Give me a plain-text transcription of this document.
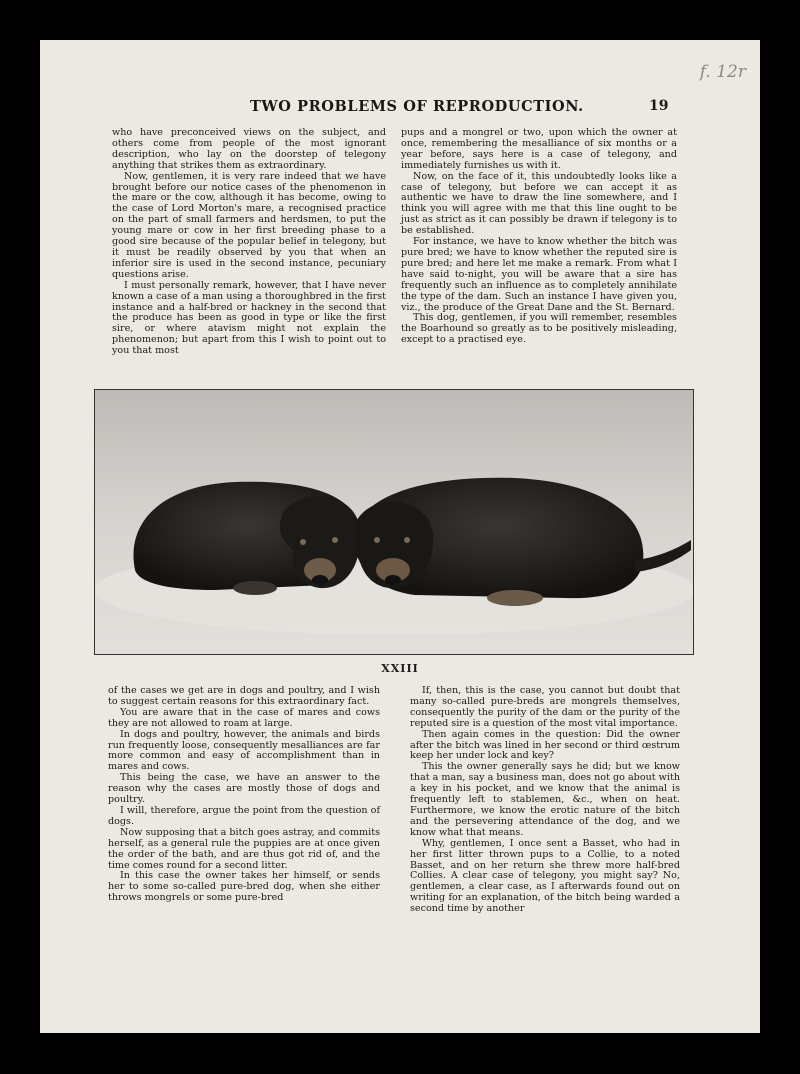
f. 12r
TWO PROBLEMS OF REPRODUCTION.	19

who have preconceived views on the subject, and others come from people of the most ignorant description, who lay on the doorstep of telegony anything that strikes them as extraordinary.

Now, gentlemen, it is very rare indeed that we have brought before our notice cases of the phenomenon in the mare or the cow, although it has become, owing to the case of Lord Morton's mare, a recognised practice on the part of small farmers and herdsmen, to put the young mare or cow in her first breeding phase to a good sire because of the popular belief in telegony, but it must be readily observed by you that when an inferior sire is used in the second instance, pecuniary questions arise.

I must personally remark, however, that I have never known a case of a man using a thoroughbred in the first instance and a half-bred or hackney in the second that the produce has been as good in type or like the first sire, or where atavism might not explain the phenomenon; but apart from this I wish to point out to you that most

pups and a mongrel or two, upon which the owner at once, remembering the mesalliance of six months or a year before, says here is a case of telegony, and immediately furnishes us with it.

Now, on the face of it, this undoubtedly looks like a case of telegony, but before we can accept it as authentic we have to draw the line somewhere, and I think you will agree with me that this line ought to be just as strict as it can possibly be drawn if telegony is to be established.

For instance, we have to know whether the bitch was pure bred; we have to know whether the reputed sire is pure bred; and here let me make a remark. From what I have said to-night, you will be aware that a sire has frequently such an influence as to completely annihilate the type of the dam. Such an instance I have given you, viz., the produce of the Great Dane and the St. Bernard.

This dog, gentlemen, if you will remember, resembles the Boarhound so greatly as to be positively misleading, except to a practised eye.

XXIII

of the cases we get are in dogs and poultry, and I wish to suggest certain reasons for this extraordinary fact.

You are aware that in the case of mares and cows they are not allowed to roam at large.

In dogs and poultry, however, the animals and birds run frequently loose, consequently mesalliances are far more common and easy of accomplishment than in mares and cows.

This being the case, we have an answer to the reason why the cases are mostly those of dogs and poultry.

I will, therefore, argue the point from the question of dogs.

Now supposing that a bitch goes astray, and commits herself, as a general rule the puppies are at once given the order of the bath, and are thus got rid of, and the time comes round for a second litter.

In this case the owner takes her himself, or sends her to some so-called pure-bred dog, when she either throws mongrels or some pure-bred

If, then, this is the case, you cannot but doubt that many so-called pure-breds are mongrels themselves, consequently the purity of the dam or the purity of the reputed sire is a question of the most vital importance.

Then again comes in the question: Did the owner after the bitch was lined in her second or third œstrum keep her under lock and key?

This the owner generally says he did; but we know that a man, say a business man, does not go about with a key in his pocket, and we know that the animal is frequently left to stablemen, &c., when on heat. Furthermore, we know the erotic nature of the bitch and the persevering attendance of the dog, and we know what that means.

Why, gentlemen, I once sent a Basset, who had in her first litter thrown pups to a Collie, to a noted Basset, and on her return she threw more half-bred Collies. A clear case of telegony, you might say? No, gentlemen, a clear case, as I afterwards found out on writing for an explanation, of the bitch being warded a second time by another
